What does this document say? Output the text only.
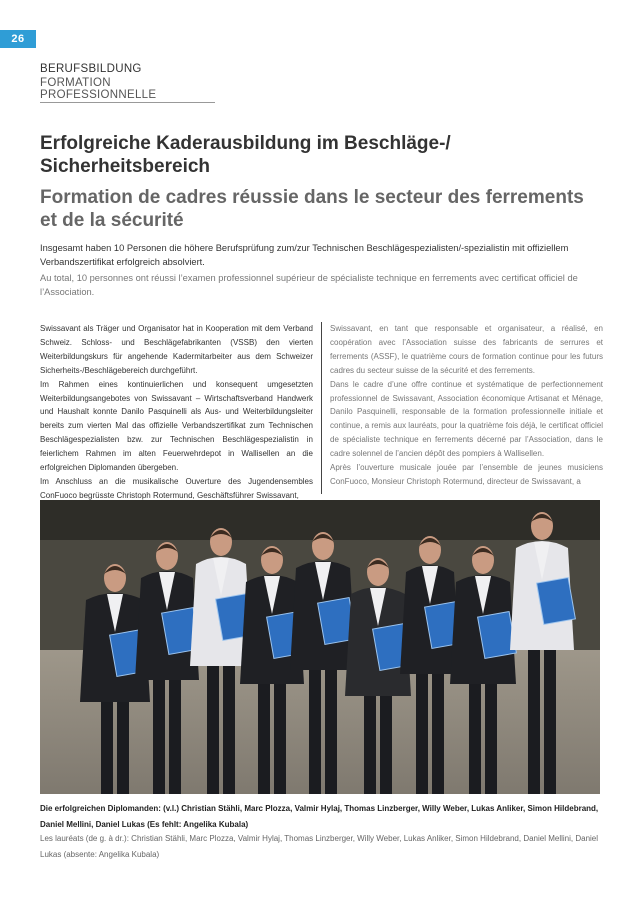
26
BERUFSBILDUNG
FORMATION PROFESSIONNELLE
Erfolgreiche Kaderausbildung im Beschläge-/ Sicherheitsbereich
Formation de cadres réussie dans le secteur des ferrements et de la sécurité

Insgesamt haben 10 Personen die höhere Berufsprüfung zum/zur Technischen Beschlägespezialisten/-spezialistin mit offiziellem Verbandszertifikat erfolgreich absolviert.

Au total, 10 personnes ont réussi l’examen professionnel supérieur de spécialiste technique en ferrements avec certificat officiel de l’Association.

Swissavant als Träger und Organisator hat in Kooperation mit dem Verband Schweiz. Schloss- und Beschlägefabrikanten (VSSB) den vierten Weiterbildungskurs für angehende Kadermitarbeiter aus dem Schweizer Sicherheits-/Beschlägebereich durchgeführt.

Im Rahmen eines kontinuierlichen und konsequent umgesetzten Weiterbildungsangebotes von Swissavant – Wirtschaftsverband Handwerk und Haushalt konnte Danilo Pasquinelli als Aus- und Weiterbildungsleiter bereits zum vierten Mal das offizielle Verbandszertifikat zum Technischen Beschlägespezialisten bzw. zur Technischen Beschlägespezialistin in feierlichem Rahmen im alten Feuerwehrdepot in Wallisellen an die erfolgreichen Diplomanden übergeben.

Im Anschluss an die musikalische Ouverture des Jugendensembles ConFuoco begrüsste Christoph Rotermund, Geschäftsführer Swissavant,

Swissavant, en tant que responsable et organisateur, a réalisé, en coopération avec l’Association suisse des fabricants de serrures et ferrements (ASSF), le quatrième cours de formation continue pour les futurs cadres du secteur suisse de la sécurité et des ferrements.

Dans le cadre d’une offre continue et systématique de perfectionnement professionnel de Swissavant, Association économique Artisanat et Ménage, Danilo Pasquinelli, responsable de la formation professionnelle initiale et continue, a remis aux lauréats, pour la quatrième fois déjà, le certificat officiel de spécialiste technique en ferrements décerné par l’Association, dans le cadre solennel de l’ancien dépôt des pompiers à Wallisellen.

Après l’ouverture musicale jouée par l’ensemble de jeunes musiciens ConFuoco, Monsieur Christoph Rotermund, directeur de Swissavant, a

Die erfolgreichen Diplomanden: (v.l.) Christian Stähli, Marc Plozza, Valmir Hylaj, Thomas Linzberger, Willy Weber, Lukas Anliker, Simon Hildebrand, Daniel Mellini, Daniel Lukas (Es fehlt: Angelika Kubala)

Les lauréats (de g. à dr.): Christian Stähli, Marc Plozza, Valmir Hylaj, Thomas Linzberger, Willy Weber, Lukas Anliker, Simon Hildebrand, Daniel Mellini, Daniel Lukas (absente: Angelika Kubala)
